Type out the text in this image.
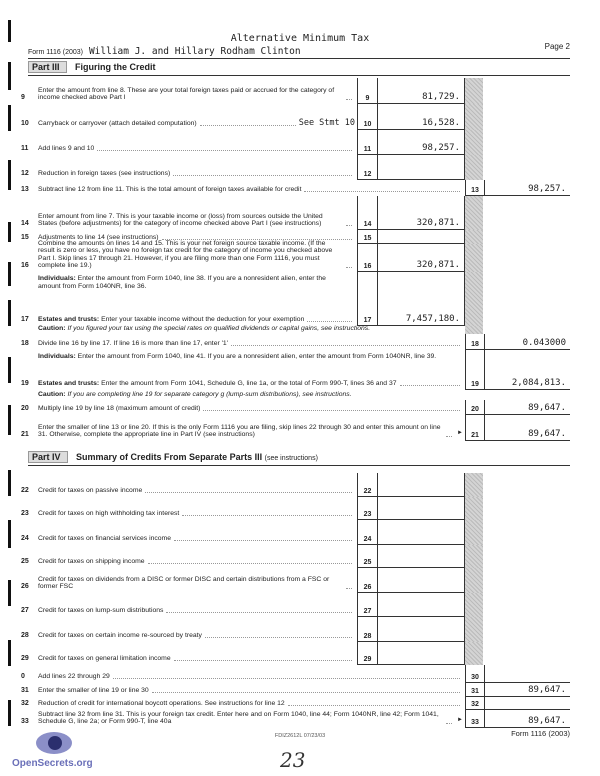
Alternative Minimum Tax
Form 1116 (2003) William J. and Hillary Rodham Clinton	Page 2
Part III Figuring the Credit
Part IV Summary of Credits From Separate Parts III (see instructions)
Caution: If you figured your tax using the special rates on qualified dividends or capital gains, see instructions.
Caution: If you are completing line 19 for separate category g (lump-sum distributions), see instructions.
9
Enter the amount from line 8. These are your total foreign taxes paid or accrued for the category of income checked above Part I	9	81,729.
10 Carryback or carryover (attach detailed computation)	See Stmt 10	10	16,528.
11 Add lines 9 and 10	11	98,257.
12 Reduction in foreign taxes (see instructions)	12
13 Subtract line 12 from line 11. This is the total amount of foreign taxes available for credit	13	98,257.
14
Enter amount from line 7. This is your taxable income or (loss) from sources outside the United States (before adjustments) for the category of income checked above Part I (see instructions)	14	320,871.
15 Adjustments to line 14 (see instructions)	15
16
Combine the amounts on lines 14 and 15. This is your net foreign source taxable income. (If the result is zero or less, you have no foreign tax credit for the category of income you checked above Part I. Skip lines 17 through 21. However, if you are filing more than one Form 1116, you must complete line 19.)	16	320,871.
Individuals: Enter the amount from Form 1040, line 38. If you are a nonresident alien, enter the amount from Form 1040NR, line 36.
17 Estates and trusts: Enter your taxable income without the deduction for your exemption	17	7,457,180.
18 Divide line 16 by line 17. If line 16 is more than line 17, enter '1'	18	0.043000
Individuals: Enter the amount from Form 1040, line 41. If you are a nonresident alien, enter the amount from Form 1040NR, line 39.
19 Estates and trusts: Enter the amount from Form 1041, Schedule G, line 1a, or the total of Form 990-T, lines 36 and 37	19	2,084,813.
20 Multiply line 19 by line 18 (maximum amount of credit)	20	89,647.
21
Enter the smaller of line 13 or line 20. If this is the only Form 1116 you are filing, skip lines 22 through 30 and enter this amount on line 31. Otherwise, complete the appropriate line in Part IV (see instructions)	►	21	89,647.
22 Credit for taxes on passive income	22
23 Credit for taxes on high withholding tax interest	23
24 Credit for taxes on financial services income	24
25 Credit for taxes on shipping income	25
26
Credit for taxes on dividends from a DISC or former DISC and certain distributions from a FSC or former FSC	26
27 Credit for taxes on lump-sum distributions	27
28 Credit for taxes on certain income re-sourced by treaty	28
29 Credit for taxes on general limitation income	29
0 Add lines 22 through 29	30
31 Enter the smaller of line 19 or line 30	31	89,647.
32 Reduction of credit for international boycott operations. See instructions for line 12	32
33
Subtract line 32 from line 31. This is your foreign tax credit. Enter here and on Form 1040, line 44; Form 1040NR, line 42; Form 1041, Schedule G, line 2a; or Form 990-T, line 40a	►	33	89,647.
FDIZ2612L 07/23/03	Form 1116 (2003)
23
OpenSecrets.org
